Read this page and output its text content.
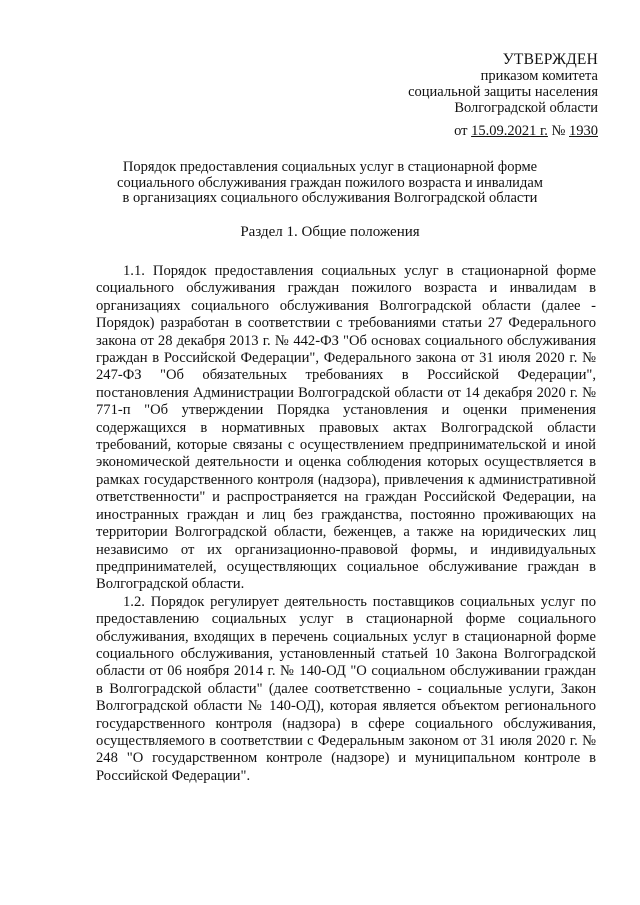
УТВЕРЖДЕН
приказом комитета
социальной защиты населения
Волгоградской области
от 15.09.2021 г. № 1930
Порядок предоставления социальных услуг в стационарной форме
социального обслуживания граждан пожилого возраста и инвалидам
в организациях социального обслуживания Волгоградской области
Раздел 1. Общие положения

1.1. Порядок предоставления социальных услуг в стационарной форме социального обслуживания граждан пожилого возраста и инвалидам в организациях социального обслуживания Волгоградской области (далее - Порядок) разработан в соответствии с требованиями статьи 27 Федерального закона от 28 декабря 2013 г. № 442-ФЗ "Об основах социального обслуживания граждан в Российской Федерации", Федерального закона от 31 июля 2020 г. № 247-ФЗ "Об обязательных требованиях в Российской Федерации", постановления Администрации Волгоградской области от 14 декабря 2020 г. № 771-п "Об утверждении Порядка установления и оценки применения содержащихся в нормативных правовых актах Волгоградской области требований, которые связаны с осуществлением предпринимательской и иной экономической деятельности и оценка соблюдения которых осуществляется в рамках государственного контроля (надзора), привлечения к административной ответственности" и распространяется на граждан Российской Федерации, на иностранных граждан и лиц без гражданства, постоянно проживающих на территории Волгоградской области, беженцев, а также на юридических лиц независимо от их организационно-правовой формы, и индивидуальных предпринимателей, осуществляющих социальное обслуживание граждан в Волгоградской области.

1.2. Порядок регулирует деятельность поставщиков социальных услуг по предоставлению социальных услуг в стационарной форме социального обслуживания, входящих в перечень социальных услуг в стационарной форме социального обслуживания, установленный статьей 10 Закона Волгоградской области от 06 ноября 2014 г. № 140-ОД "О социальном обслуживании граждан в Волгоградской области" (далее соответственно - социальные услуги, Закон Волгоградской области № 140-ОД), которая является объектом регионального государственного контроля (надзора) в сфере социального обслуживания, осуществляемого в соответствии с Федеральным законом от 31 июля 2020 г. № 248 "О государственном контроле (надзоре) и муниципальном контроле в Российской Федерации".
